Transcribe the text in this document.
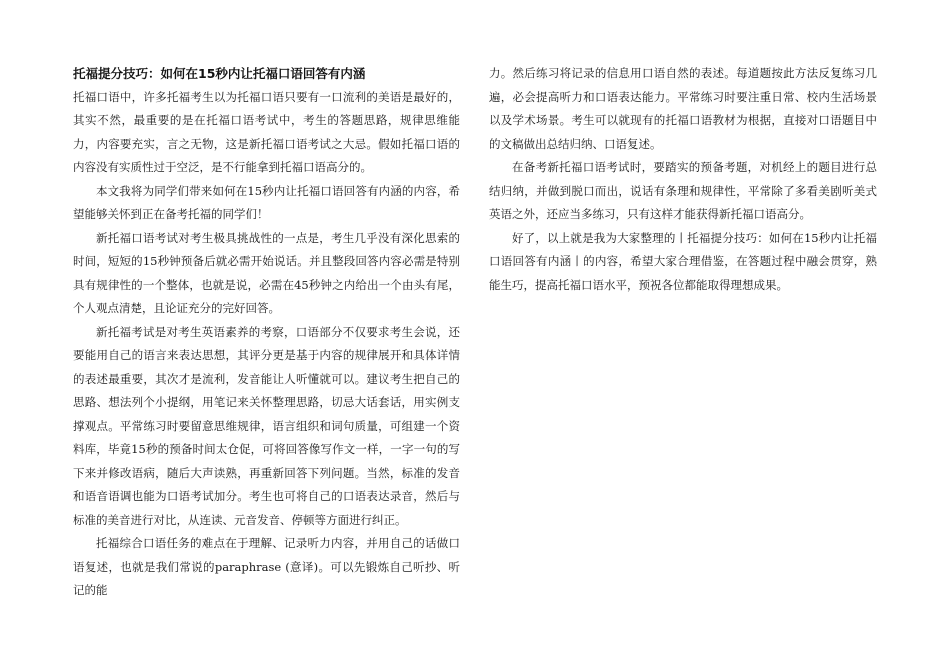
托福提分技巧：如何在15秒内让托福口语回答有内涵

托福口语中，许多托福考生以为托福口语只要有一口流利的美语是最好的，其实不然，最重要的是在托福口语考试中，考生的答题思路，规律思维能力，内容要充实，言之无物，这是新托福口语考试之大忌。假如托福口语的内容没有实质性过于空泛，是不行能拿到托福口语高分的。

本文我将为同学们带来如何在15秒内让托福口语回答有内涵的内容，希望能够关怀到正在备考托福的同学们！

新托福口语考试对考生极具挑战性的一点是，考生几乎没有深化思索的时间，短短的15秒钟预备后就必需开始说话。并且整段回答内容必需是特别具有规律性的一个整体，也就是说，必需在45秒钟之内给出一个由头有尾，个人观点清楚，且论证充分的完好回答。

新托福考试是对考生英语素养的考察，口语部分不仅要求考生会说，还要能用自己的语言来表达思想，其评分更是基于内容的规律展开和具体详情的表述最重要，其次才是流利，发音能让人听懂就可以。建议考生把自己的思路、想法列个小提纲，用笔记来关怀整理思路，切忌大话套话，用实例支撑观点。平常练习时要留意思维规律，语言组织和词句质量，可组建一个资料库，毕竟15秒的预备时间太仓促，可将回答像写作文一样，一字一句的写下来并修改语病，随后大声读熟，再重新回答下列问题。当然，标准的发音和语音语调也能为口语考试加分。考生也可将自己的口语表达录音，然后与标准的美音进行对比，从连读、元音发音、停顿等方面进行纠正。

托福综合口语任务的难点在于理解、记录听力内容，并用自己的话做口语复述，也就是我们常说的paraphrase (意译)。可以先锻炼自己听抄、听记的能

力。然后练习将记录的信息用口语自然的表述。每道题按此方法反复练习几遍，必会提高听力和口语表达能力。平常练习时要注重日常、校内生活场景以及学术场景。考生可以就现有的托福口语教材为根据，直接对口语题目中的文稿做出总结归纳、口语复述。

在备考新托福口语考试时，要踏实的预备考题，对机经上的题目进行总结归纳，并做到脱口而出，说话有条理和规律性，平常除了多看美剧听美式英语之外，还应当多练习，只有这样才能获得新托福口语高分。

好了，以上就是我为大家整理的丨托福提分技巧：如何在15秒内让托福口语回答有内涵丨的内容，希望大家合理借鉴，在答题过程中融会贯穿，熟能生巧，提高托福口语水平，预祝各位都能取得理想成果。
